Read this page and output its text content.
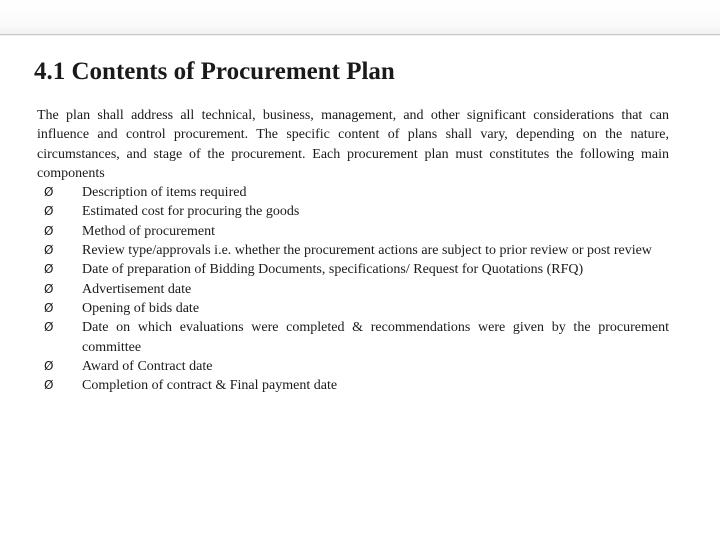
4.1 Contents of Procurement Plan

The plan shall address all technical, business, management, and other significant considerations that can influence and control procurement. The specific content of plans shall vary, depending on the nature, circumstances, and stage of the procurement. Each procurement plan must constitutes the following main components

Ø Description of items required
Ø Estimated cost for procuring the goods
Ø Method of procurement
Ø Review type/approvals i.e. whether the procurement actions are subject to prior review or post review
Ø Date of preparation of Bidding Documents, specifications/ Request for Quotations (RFQ)
Ø Advertisement date
Ø Opening of bids date
Ø Date on which evaluations were completed & recommendations were given by the procurement committee
Ø Award of Contract date
Ø Completion of contract & Final payment date
